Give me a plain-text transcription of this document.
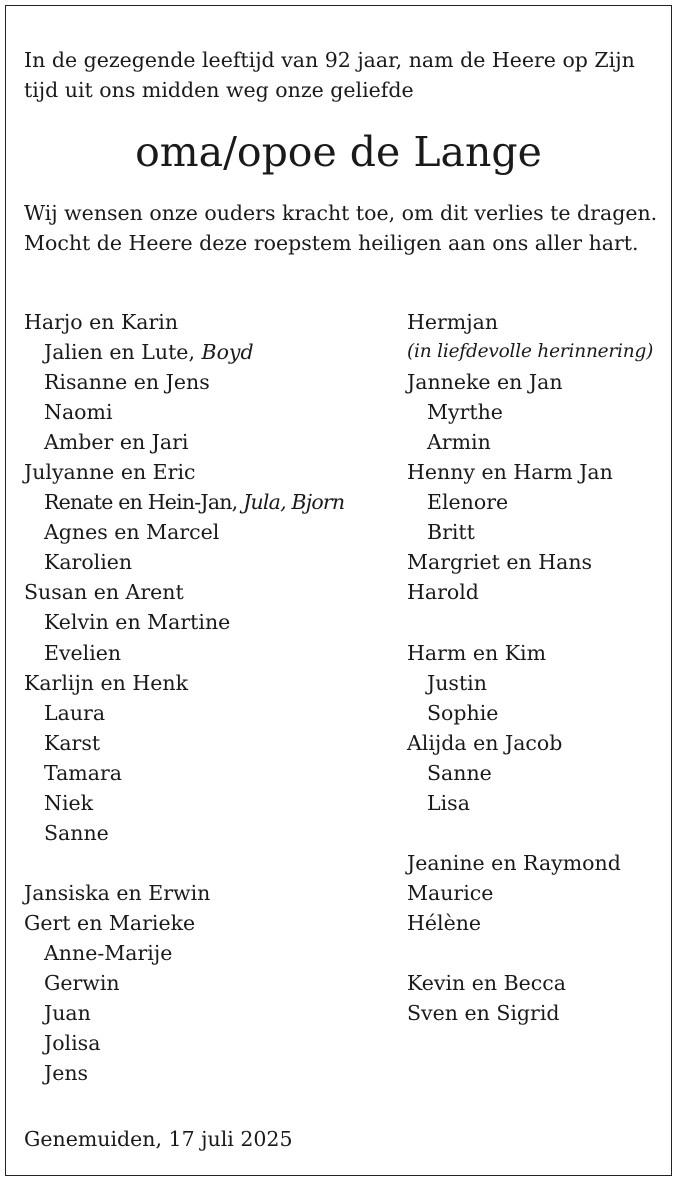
In de gezegende leeftijd van 92 jaar, nam de Heere op Zijn tijd uit ons midden weg onze geliefde

oma/opoe de Lange

Wij wensen onze ouders kracht toe, om dit verlies te dragen.
Mocht de Heere deze roepstem heiligen aan ons aller hart.

Harjo en Karin
Jalien en Lute, Boyd
Risanne en Jens
Naomi
Amber en Jari
Julyanne en Eric
Renate en Hein-Jan, Jula, Bjorn
Agnes en Marcel
Karolien
Susan en Arent
Kelvin en Martine
Evelien
Karlijn en Henk
Laura
Karst
Tamara
Niek
Sanne
Jansiska en Erwin
Gert en Marieke
Anne-Marije
Gerwin
Juan
Jolisa
Jens
Hermjan
(in liefdevolle herinnering)
Janneke en Jan
Myrthe
Armin
Henny en Harm Jan
Elenore
Britt
Margriet en Hans
Harold
Harm en Kim
Justin
Sophie
Alijda en Jacob
Sanne
Lisa
Jeanine en Raymond
Maurice
Hélène
Kevin en Becca
Sven en Sigrid

Genemuiden, 17 juli 2025
